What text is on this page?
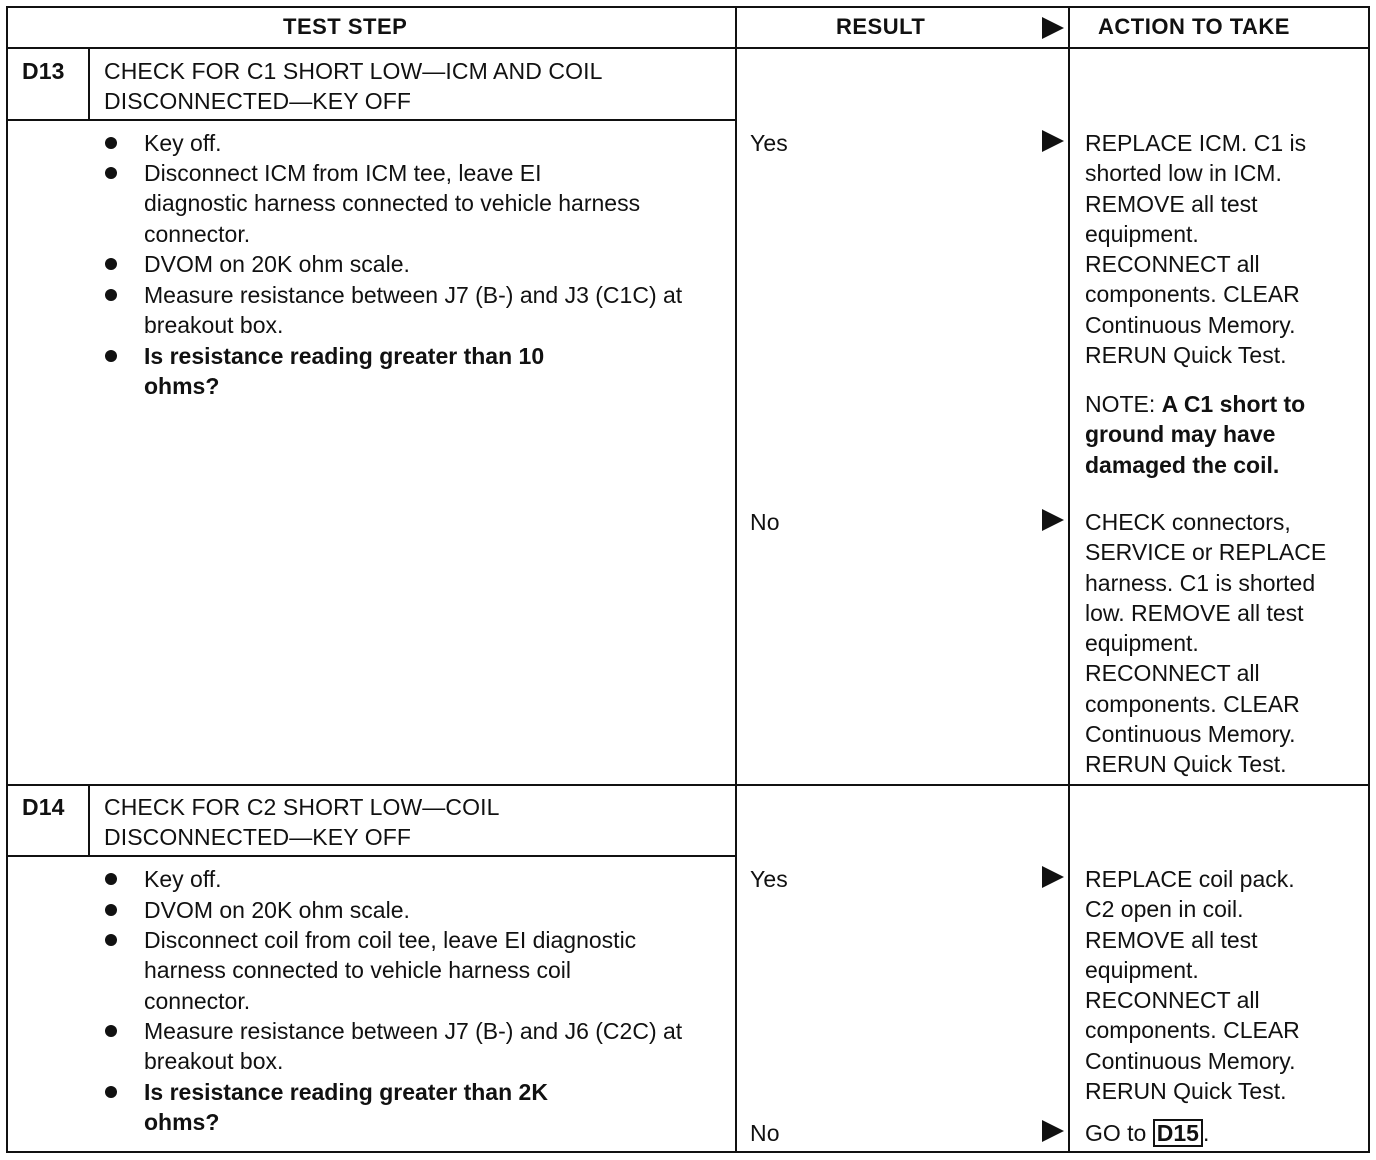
TEST STEP	RESULT	ACTION TO TAKE
D13 CHECK FOR C1 SHORT LOW—ICM AND COIL
DISCONNECTED—KEY OFF
Key off.
Disconnect ICM from ICM tee, leave EI diagnostic harness connected to vehicle harness connector.
DVOM on 20K ohm scale.
Measure resistance between J7 (B-) and J3 (C1C) at breakout box.
Is resistance reading greater than 10 ohms?
Yes	REPLACE ICM. C1 is
shorted low in ICM.
REMOVE all test
equipment.
RECONNECT all
components. CLEAR
Continuous Memory.
RERUN Quick Test.
NOTE: A C1 short to
ground may have
damaged the coil.
No	CHECK connectors,
SERVICE or REPLACE
harness. C1 is shorted
low. REMOVE all test
equipment.
RECONNECT all
components. CLEAR
Continuous Memory.
RERUN Quick Test.
D14 CHECK FOR C2 SHORT LOW—COIL
DISCONNECTED—KEY OFF
Key off.
DVOM on 20K ohm scale.
Disconnect coil from coil tee, leave EI diagnostic harness connected to vehicle harness coil connector.
Measure resistance between J7 (B-) and J6 (C2C) at breakout box.
Is resistance reading greater than 2K ohms?
Yes	REPLACE coil pack.
C2 open in coil.
REMOVE all test
equipment.
RECONNECT all
components. CLEAR
Continuous Memory.
RERUN Quick Test.
No	GO to D15 .
